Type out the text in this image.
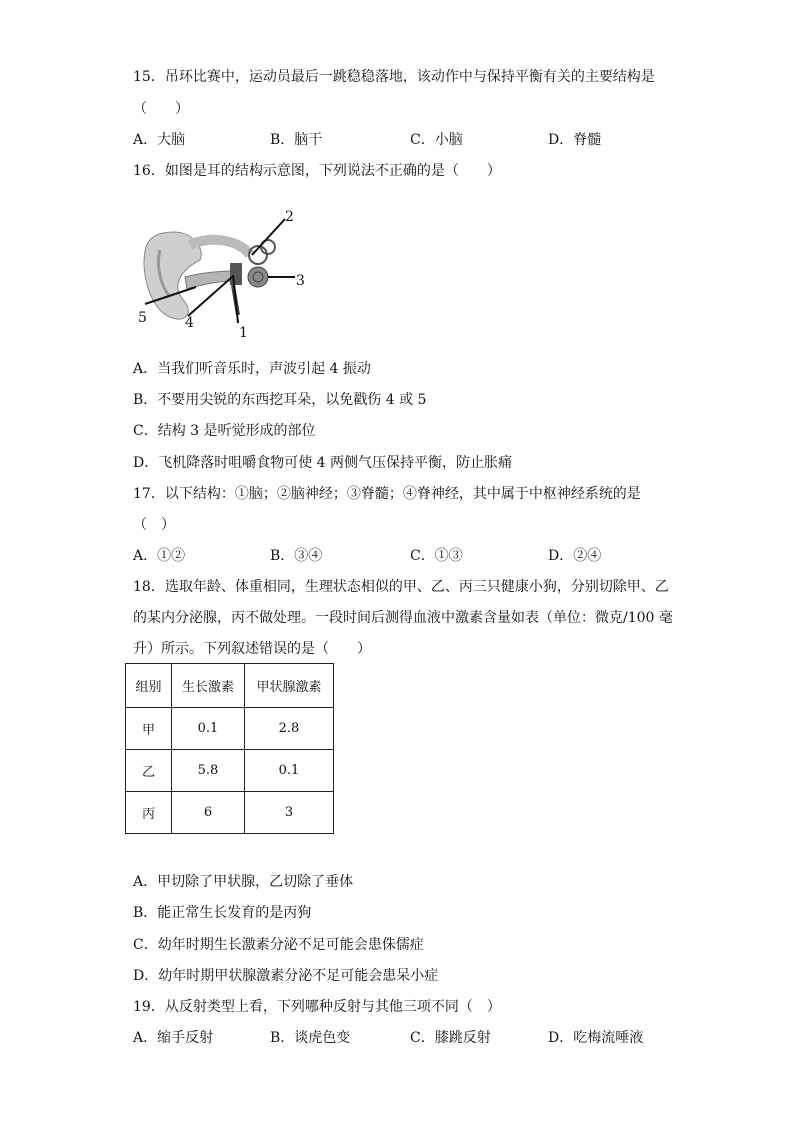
15．吊环比赛中，运动员最后一跳稳稳落地，该动作中与保持平衡有关的主要结构是
（　　）
A．大脑	B．脑干	C．小脑	D．脊髓
16．如图是耳的结构示意图，下列说法不正确的是（　　）
1
2
3
4
5
A．当我们听音乐时，声波引起 4 振动
B．不要用尖锐的东西挖耳朵，以免戳伤 4 或 5
C．结构 3 是听觉形成的部位
D．飞机降落时咀嚼食物可使 4 两侧气压保持平衡，防止胀痛
17．以下结构：①脑；②脑神经；③脊髓；④脊神经，其中属于中枢神经系统的是
（　）
A．①②	B．③④	C．①③	D．②④
18．选取年龄、体重相同，生理状态相似的甲、乙、丙三只健康小狗，分别切除甲、乙
的某内分泌腺，丙不做处理。一段时间后测得血液中激素含量如表（单位：微克/100 毫
升）所示。下列叙述错误的是（　　）
组别	生长激素	甲状腺激素
甲	0.1	2.8
乙	5.8	0.1
丙	6	3
A．甲切除了甲状腺，乙切除了垂体
B．能正常生长发育的是丙狗
C．幼年时期生长激素分泌不足可能会患侏儒症
D．幼年时期甲状腺激素分泌不足可能会患呆小症
19．从反射类型上看，下列哪种反射与其他三项不同（　）
A．缩手反射	B．谈虎色变	C．膝跳反射	D．吃梅流唾液
